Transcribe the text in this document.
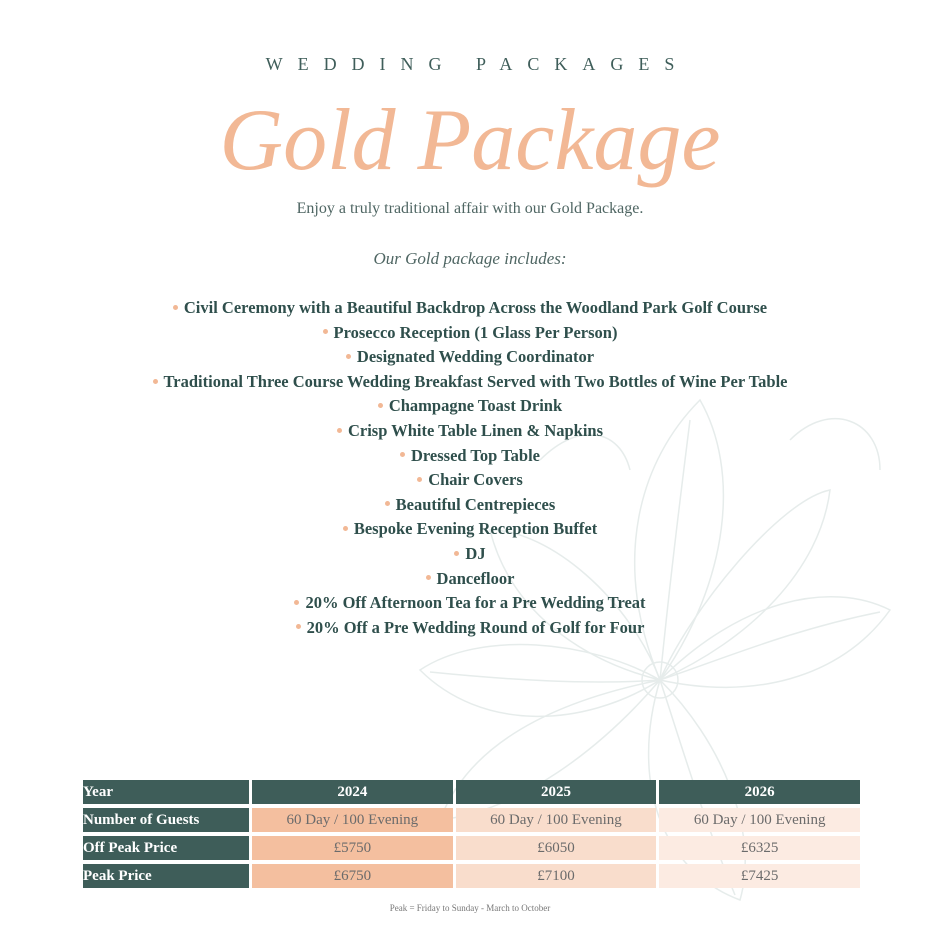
WEDDING PACKAGES
Gold Package
Enjoy a truly traditional affair with our Gold Package.
Our Gold package includes:
Civil Ceremony with a Beautiful Backdrop Across the Woodland Park Golf Course
Prosecco Reception (1 Glass Per Person)
Designated Wedding Coordinator
Traditional Three Course Wedding Breakfast Served with Two Bottles of Wine Per Table
Champagne Toast Drink
Crisp White Table Linen & Napkins
Dressed Top Table
Chair Covers
Beautiful Centrepieces
Bespoke Evening Reception Buffet
DJ
Dancefloor
20% Off Afternoon Tea for a Pre Wedding Treat
20% Off a Pre Wedding Round of Golf for Four
Year	2024	2025	2026
Number of Guests	60 Day / 100 Evening	60 Day / 100 Evening	60 Day / 100 Evening
Off Peak Price	£5750	£6050	£6325
Peak Price	£6750	£7100	£7425
Peak = Friday to Sunday - March to October
